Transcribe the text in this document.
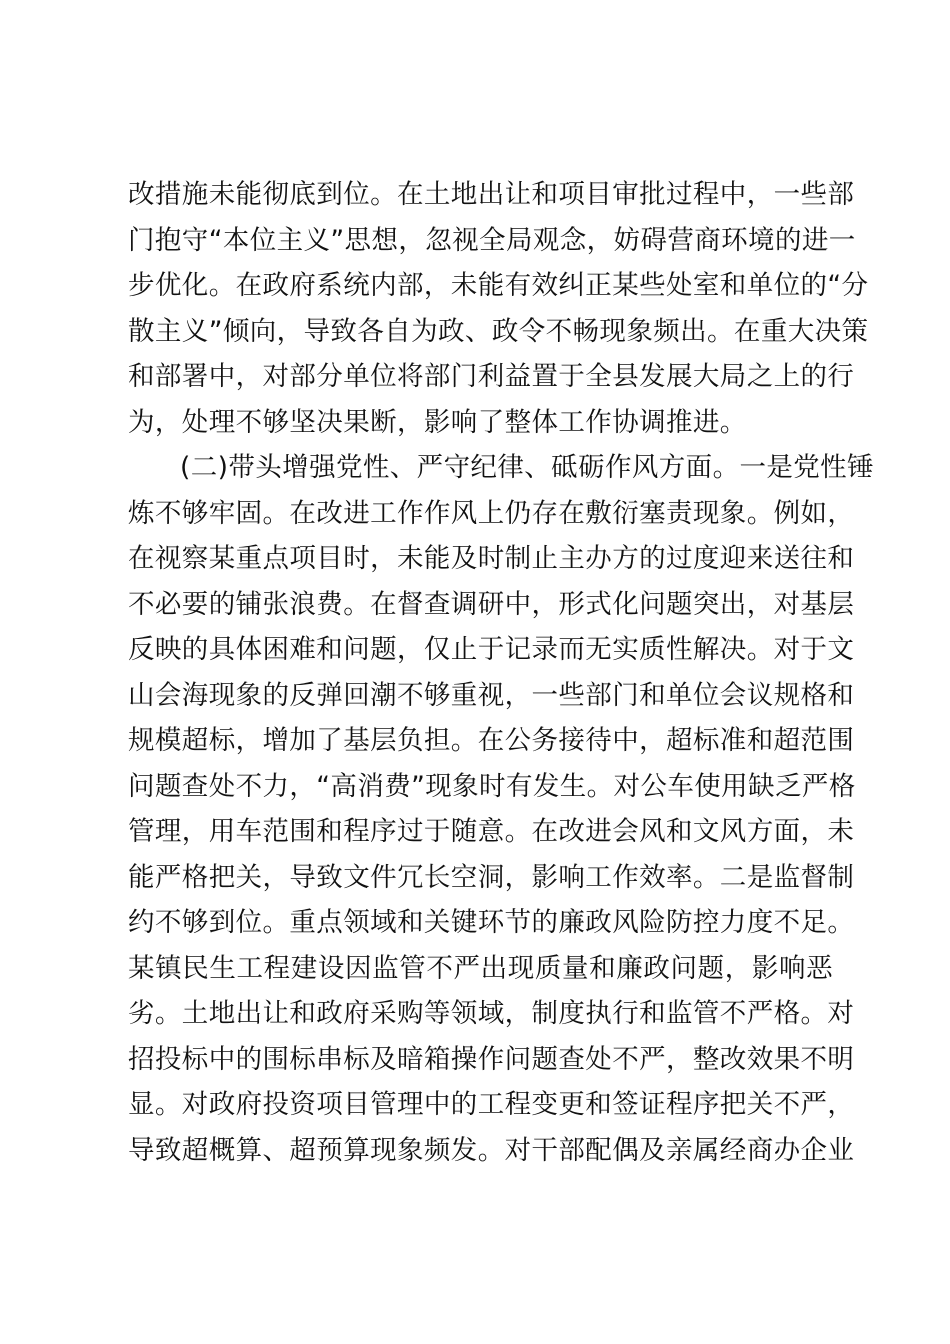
改措施未能彻底到位。在土地出让和项目审批过程中，一些部
门抱守“本位主义”思想，忽视全局观念，妨碍营商环境的进一
步优化。在政府系统内部，未能有效纠正某些处室和单位的“分
散主义”倾向，导致各自为政、政令不畅现象频出。在重大决策
和部署中，对部分单位将部门利益置于全县发展大局之上的行
为，处理不够坚决果断，影响了整体工作协调推进。
(二)带头增强党性、严守纪律、砥砺作风方面。一是党性锤
炼不够牢固。在改进工作作风上仍存在敷衍塞责现象。例如，
在视察某重点项目时，未能及时制止主办方的过度迎来送往和
不必要的铺张浪费。在督查调研中，形式化问题突出，对基层
反映的具体困难和问题，仅止于记录而无实质性解决。对于文
山会海现象的反弹回潮不够重视，一些部门和单位会议规格和
规模超标，增加了基层负担。在公务接待中，超标准和超范围
问题查处不力，“高消费”现象时有发生。对公车使用缺乏严格
管理，用车范围和程序过于随意。在改进会风和文风方面，未
能严格把关，导致文件冗长空洞，影响工作效率。二是监督制
约不够到位。重点领域和关键环节的廉政风险防控力度不足。
某镇民生工程建设因监管不严出现质量和廉政问题，影响恶
劣。土地出让和政府采购等领域，制度执行和监管不严格。对
招投标中的围标串标及暗箱操作问题查处不严，整改效果不明
显。对政府投资项目管理中的工程变更和签证程序把关不严，
导致超概算、超预算现象频发。对干部配偶及亲属经商办企业
